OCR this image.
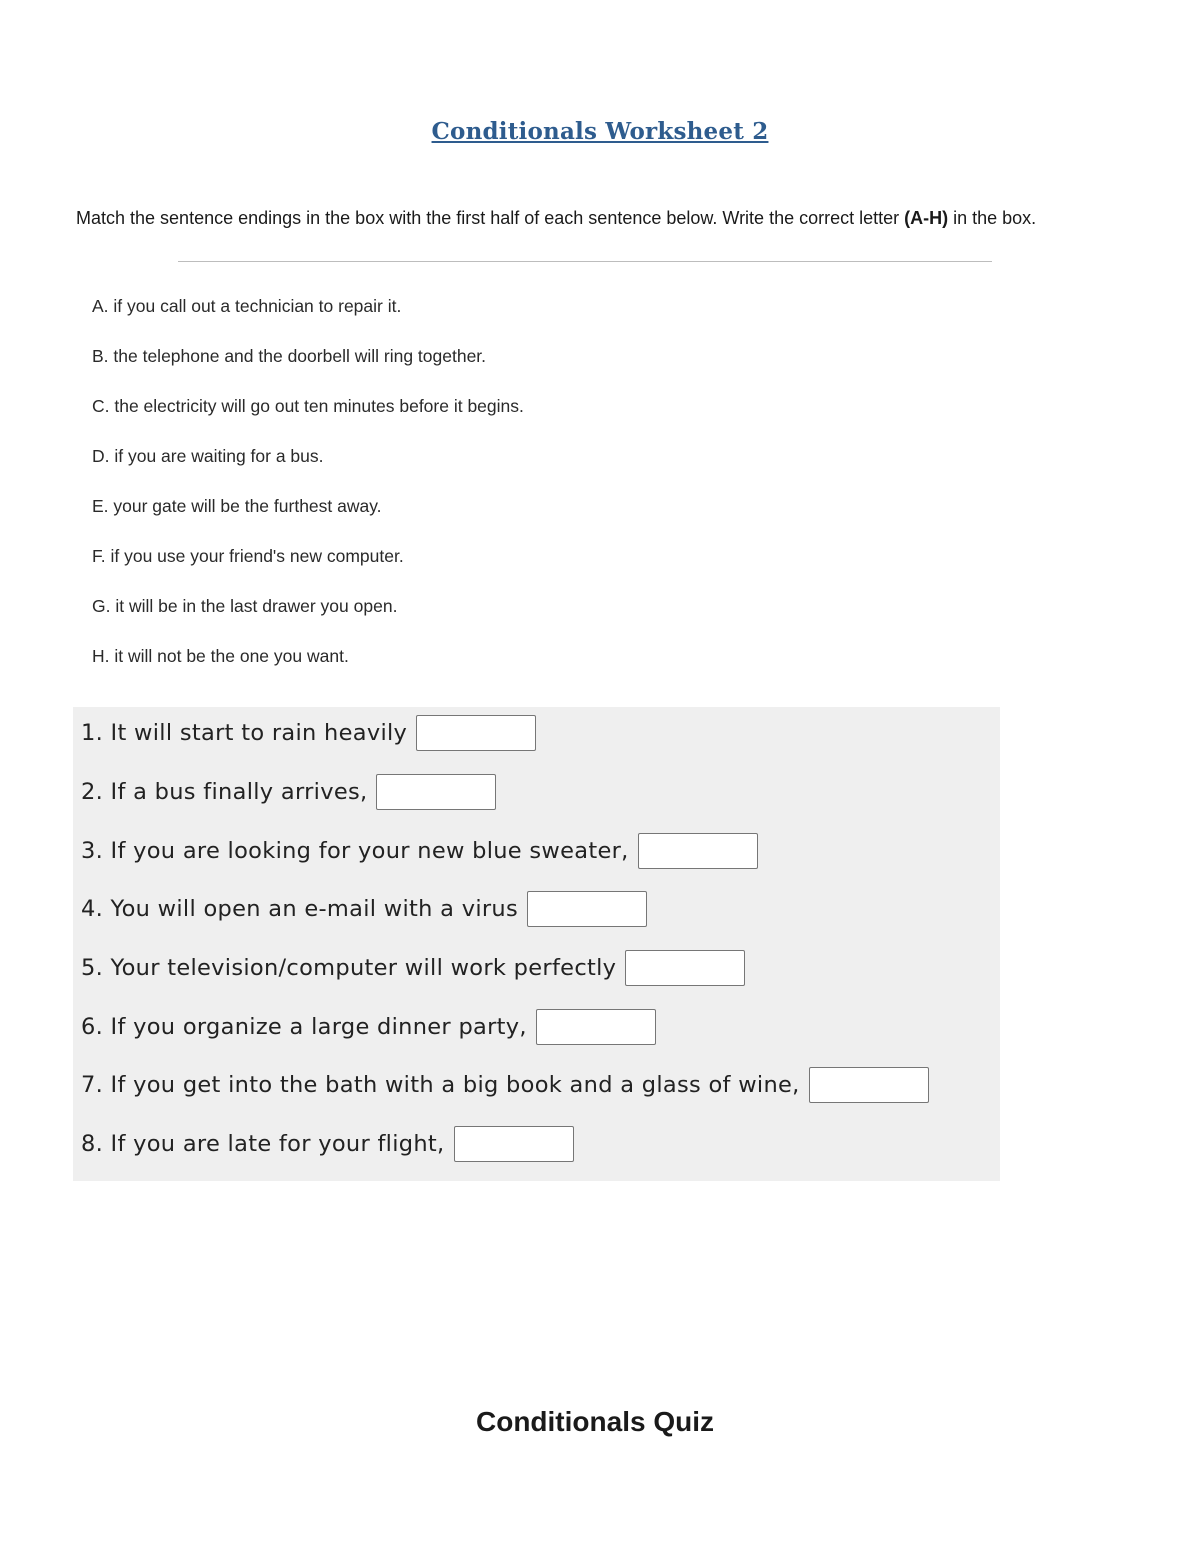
Conditionals Worksheet 2
Match the sentence endings in the box with the first half of each sentence below. Write the correct letter (A-H) in the box.
A. if you call out a technician to repair it.
B. the telephone and the doorbell will ring together.
C. the electricity will go out ten minutes before it begins.
D. if you are waiting for a bus.
E. your gate will be the furthest away.
F. if you use your friend's new computer.
G. it will be in the last drawer you open.
H. it will not be the one you want.
1. It will start to rain heavily
2. If a bus finally arrives,
3. If you are looking for your new blue sweater,
4. You will open an e-mail with a virus
5. Your television/computer will work perfectly
6. If you organize a large dinner party,
7. If you get into the bath with a big book and a glass of wine,
8. If you are late for your flight,
Conditionals Quiz
